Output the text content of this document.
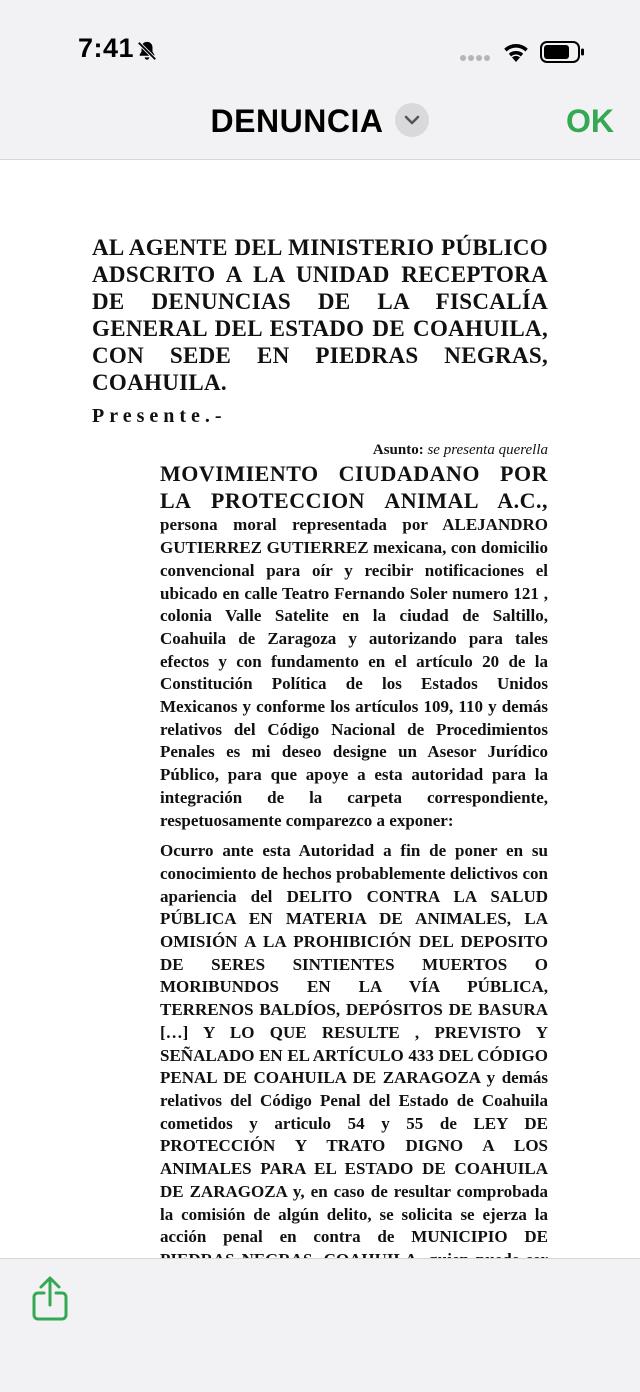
7:41
DENUNCIA	OK
AL AGENTE DEL MINISTERIO PÚBLICO ADSCRITO A LA UNIDAD RECEPTORA DE DENUNCIAS DE LA FISCALÍA GENERAL DEL ESTADO DE COAHUILA, CON SEDE EN PIEDRAS NEGRAS, COAHUILA.
Presente.-
Asunto: se presenta querella
MOVIMIENTO CIUDADANO POR LA PROTECCION ANIMAL A.C., persona moral representada por ALEJANDRO GUTIERREZ GUTIERREZ mexicana, con domicilio convencional para oír y recibir notificaciones el ubicado en calle Teatro Fernando Soler numero 121 , colonia Valle Satelite en la ciudad de Saltillo, Coahuila de Zaragoza y autorizando para tales efectos y con fundamento en el artículo 20 de la Constitución Política de los Estados Unidos Mexicanos y conforme los artículos 109, 110 y demás relativos del Código Nacional de Procedimientos Penales es mi deseo designe un Asesor Jurídico Público, para que apoye a esta autoridad para la integración de la carpeta correspondiente, respetuosamente comparezco a exponer:
Ocurro ante esta Autoridad a fin de poner en su conocimiento de hechos probablemente delictivos con apariencia del DELITO CONTRA LA SALUD PÚBLICA EN MATERIA DE ANIMALES, LA OMISIÓN A LA PROHIBICIÓN DEL DEPOSITO DE SERES SINTIENTES MUERTOS O MORIBUNDOS EN LA VÍA PÚBLICA, TERRENOS BALDÍOS, DEPÓSITOS DE BASURA […] Y LO QUE RESULTE , PREVISTO Y SEÑALADO EN EL ARTÍCULO 433 DEL CÓDIGO PENAL DE COAHUILA DE ZARAGOZA y demás relativos del Código Penal del Estado de Coahuila cometidos y articulo 54 y 55 de LEY DE PROTECCIÓN Y TRATO DIGNO A LOS ANIMALES PARA EL ESTADO DE COAHUILA DE ZARAGOZA y, en caso de resultar comprobada la comisión de algún delito, se solicita se ejerza la acción penal en contra de MUNICIPIO DE
